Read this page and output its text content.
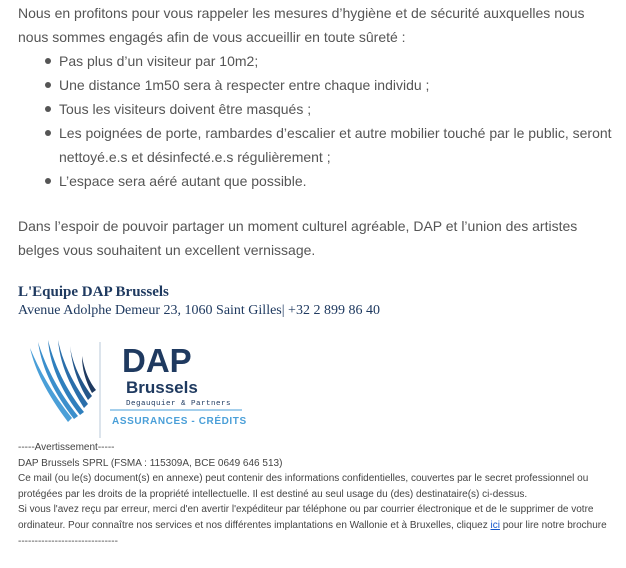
Nous en profitons pour vous rappeler les mesures d’hygiène et de sécurité auxquelles nous nous sommes engagés afin de vous accueillir en toute sûreté :

Pas plus d’un visiteur par 10m2;
Une distance 1m50 sera à respecter entre chaque individu ;
Tous les visiteurs doivent être masqués ;
Les poignées de porte, rambardes d’escalier et autre mobilier touché par le public, seront nettoyé.e.s et désinfecté.e.s régulièrement ;
L’espace sera aéré autant que possible.

Dans l’espoir de pouvoir partager un moment culturel agréable, DAP et l’union des artistes belges vous souhaitent un excellent vernissage.

L'Equipe DAP Brussels
Avenue Adolphe Demeur 23, 1060 Saint Gilles| +32 2 899 86 40
DAP
Brussels
Degauquier & Partners
ASSURANCES - CRÉDITS
-----Avertissement-----
DAP Brussels SPRL (FSMA : 115309A, BCE 0649 646 513)
Ce mail (ou le(s) document(s) en annexe) peut contenir des informations confidentielles, couvertes par le secret professionnel ou protégées par les droits de la propriété intellectuelle. Il est destiné au seul usage du (des) destinataire(s) ci-dessus.
Si vous l'avez reçu par erreur, merci d'en avertir l'expéditeur par téléphone ou par courrier électronique et de le supprimer de votre ordinateur. Pour connaître nos services et nos différentes implantations en Wallonie et à Bruxelles, cliquez ici pour lire notre brochure
------------------------------
